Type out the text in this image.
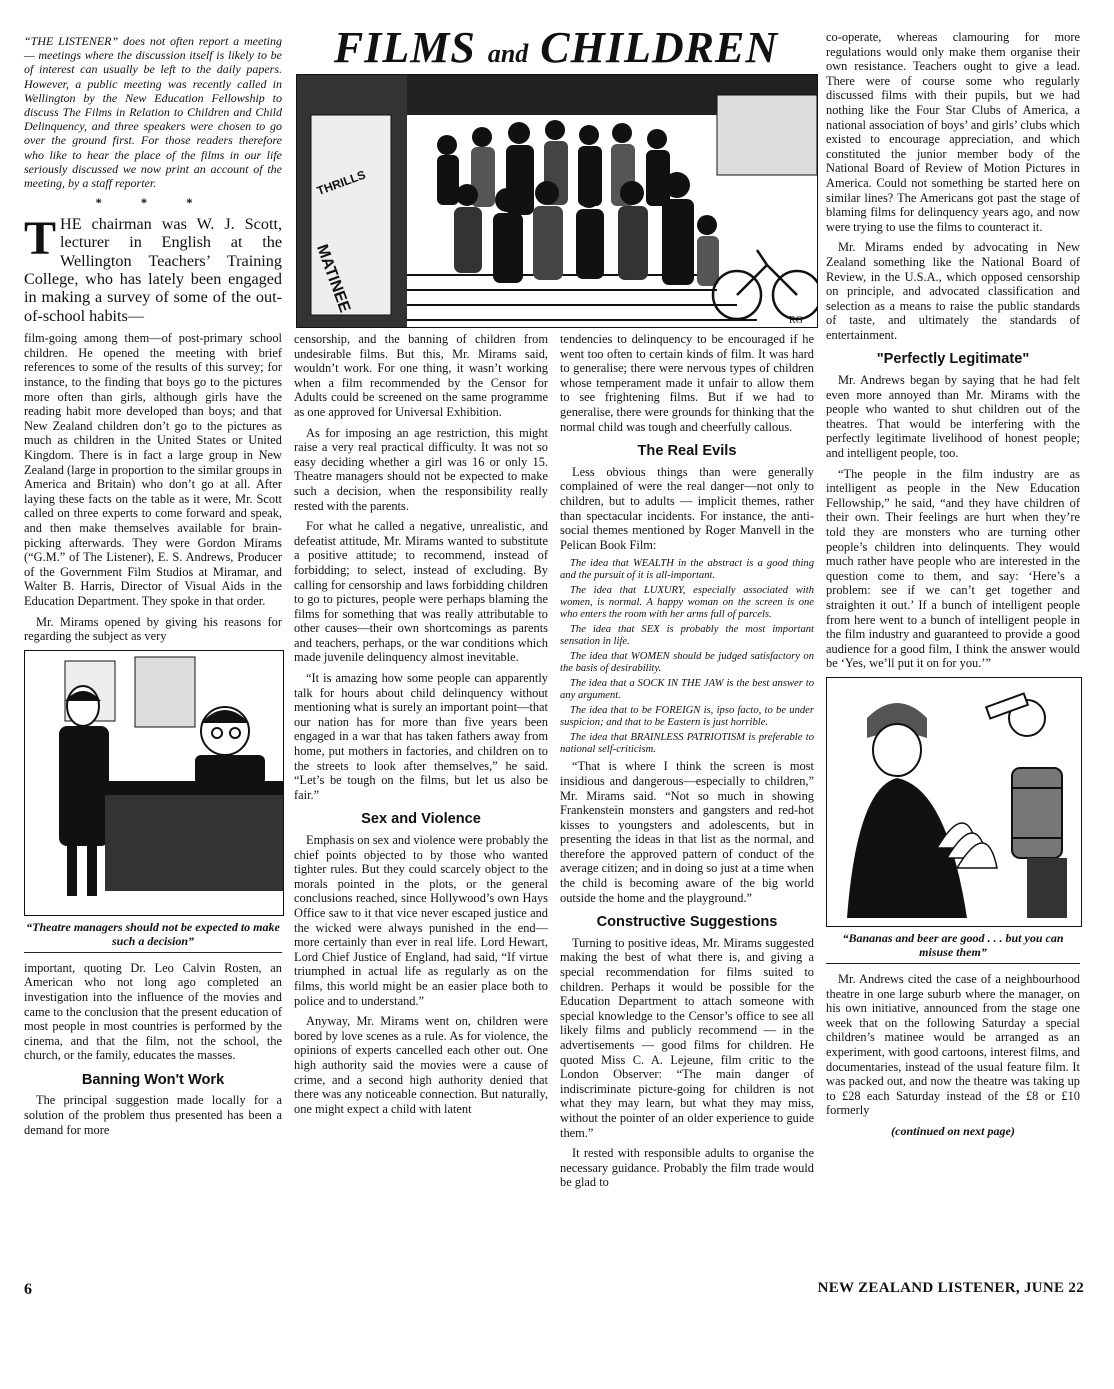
FILMS and CHILDREN
THRILLS
MATINEE
RG

“THE LISTENER” does not often report a meeting — meetings where the discussion itself is likely to be of interest can usually be left to the daily papers. However, a public meeting was recently called in Wellington by the New Education Fellowship to discuss The Films in Relation to Children and Child Delinquency, and three speakers were chosen to go over the ground first. For those readers therefore who like to hear the place of the films in our life seriously discussed we now print an account of the meeting, by a staff reporter.

* * *

THE chairman was W. J. Scott, lecturer in English at the Wellington Teachers’ Training College, who has lately been engaged in making a survey of some of the out-of-school habits—

film-going among them—of post-primary school children. He opened the meeting with brief references to some of the results of this survey; for instance, to the finding that boys go to the pictures more often than girls, although girls have the reading habit more developed than boys; and that New Zealand children don’t go to the pictures as much as children in the United States or United Kingdom. There is in fact a large group in New Zealand (large in proportion to the similar groups in America and Britain) who don’t go at all. After laying these facts on the table as it were, Mr. Scott called on three experts to come forward and speak, and then make themselves available for brain-picking afterwards. They were Gordon Mirams (“G.M.” of The Listener), E. S. Andrews, Producer of the Government Film Studios at Miramar, and Walter B. Harris, Director of Visual Aids in the Education Department. They spoke in that order.

Mr. Mirams opened by giving his reasons for regarding the subject as very

“Theatre managers should not be expected to make such a decision”

important, quoting Dr. Leo Calvin Rosten, an American who not long ago completed an investigation into the influence of the movies and came to the conclusion that the present education of most people in most countries is performed by the cinema, and that the film, not the school, the church, or the family, educates the masses.

Banning Won't Work

The principal suggestion made locally for a solution of the problem thus presented has been a demand for more

censorship, and the banning of children from undesirable films. But this, Mr. Mirams said, wouldn’t work. For one thing, it wasn’t working when a film recommended by the Censor for Adults could be screened on the same programme as one approved for Universal Exhibition.

As for imposing an age restriction, this might raise a very real practical difficulty. It was not so easy deciding whether a girl was 16 or only 15. Theatre managers should not be expected to make such a decision, when the responsibility really rested with the parents.

For what he called a negative, unrealistic, and defeatist attitude, Mr. Mirams wanted to substitute a positive attitude; to recommend, instead of forbidding; to select, instead of excluding. By calling for censorship and laws forbidding children to go to pictures, people were perhaps blaming the films for something that was really attributable to other causes—their own shortcomings as parents and teachers, perhaps, or the war conditions which made juvenile delinquency almost inevitable.

“It is amazing how some people can apparently talk for hours about child delinquency without mentioning what is surely an important point—that our nation has for more than five years been engaged in a war that has taken fathers away from home, put mothers in factories, and children on to the streets to look after themselves,” he said. “Let’s be tough on the films, but let us also be fair.”

Sex and Violence

Emphasis on sex and violence were probably the chief points objected to by those who wanted tighter rules. But they could scarcely object to the morals pointed in the plots, or the general conclusions reached, since Hollywood’s own Hays Office saw to it that vice never escaped justice and the wicked were always punished in the end—more certainly than ever in real life. Lord Hewart, Lord Chief Justice of England, had said, “If virtue triumphed in actual life as regularly as on the films, this world might be an easier place both to police and to understand.”

Anyway, Mr. Mirams went on, children were bored by love scenes as a rule. As for violence, the opinions of experts cancelled each other out. One high authority said the movies were a cause of crime, and a second high authority denied that there was any noticeable connection. But naturally, one might expect a child with latent

tendencies to delinquency to be encouraged if he went too often to certain kinds of film. It was hard to generalise; there were nervous types of children whose temperament made it unfair to allow them to see frightening films. But if we had to generalise, there were grounds for thinking that the normal child was tough and cheerfully callous.

The Real Evils

Less obvious things than were generally complained of were the real danger—not only to children, but to adults — implicit themes, rather than spectacular incidents. For instance, the anti-social themes mentioned by Roger Manvell in the Pelican Book Film:

The idea that WEALTH in the abstract is a good thing and the pursuit of it is all-important.

The idea that LUXURY, especially associated with women, is normal. A happy woman on the screen is one who enters the room with her arms full of parcels.

The idea that SEX is probably the most important sensation in life.

The idea that WOMEN should be judged satisfactory on the basis of desirability.

The idea that a SOCK IN THE JAW is the best answer to any argument.

The idea that to be FOREIGN is, ipso facto, to be under suspicion; and that to be Eastern is just horrible.

The idea that BRAINLESS PATRIOTISM is preferable to national self-criticism.

“That is where I think the screen is most insidious and dangerous—especially to children,” Mr. Mirams said. “Not so much in showing Frankenstein monsters and gangsters and red-hot kisses to youngsters and adolescents, but in presenting the ideas in that list as the normal, and therefore the approved pattern of conduct of the average citizen; and in doing so just at a time when the child is becoming aware of the big world outside the home and the playground.”

Constructive Suggestions

Turning to positive ideas, Mr. Mirams suggested making the best of what there is, and giving a special recommendation for films suited to children. Perhaps it would be possible for the Education Department to attach someone with special knowledge to the Censor’s office to see all likely films and publicly recommend — in the advertisements — good films for children. He quoted Miss C. A. Lejeune, film critic to the London Observer: “The main danger of indiscriminate picture-going for children is not what they may learn, but what they may miss, without the pointer of an older experience to guide them.”

It rested with responsible adults to organise the necessary guidance. Probably the film trade would be glad to

co-operate, whereas clamouring for more regulations would only make them organise their own resistance. Teachers ought to give a lead. There were of course some who regularly discussed films with their pupils, but we had nothing like the Four Star Clubs of America, a national association of boys’ and girls’ clubs which existed to encourage appreciation, and which constituted the junior member body of the National Board of Review of Motion Pictures in America. Could not something be started here on similar lines? The Americans got past the stage of blaming films for delinquency years ago, and now were trying to use the films to counteract it.

Mr. Mirams ended by advocating in New Zealand something like the National Board of Review, in the U.S.A., which opposed censorship on principle, and advocated classification and selection as a means to raise the public standards of taste, and ultimately the standards of entertainment.

"Perfectly Legitimate"

Mr. Andrews began by saying that he had felt even more annoyed than Mr. Mirams with the people who wanted to shut children out of the theatres. That would be interfering with the perfectly legitimate livelihood of honest people; and intelligent people, too.

“The people in the film industry are as intelligent as people in the New Education Fellowship,” he said, “and they have children of their own. Their feelings are hurt when they’re told they are monsters who are turning other people’s children into delinquents. They would much rather have people who are interested in the question come to them, and say: ‘Here’s a problem: see if we can’t get together and straighten it out.’ If a bunch of intelligent people from here went to a bunch of intelligent people in the film industry and guaranteed to provide a good audience for a good film, I think the answer would be ‘Yes, we’ll put it on for you.’”

“Bananas and beer are good . . . but you can misuse them”

Mr. Andrews cited the case of a neighbourhood theatre in one large suburb where the manager, on his own initiative, announced from the stage one week that on the following Saturday a special children’s matinee would be arranged as an experiment, with good cartoons, interest films, and documentaries, instead of the usual feature film. It was packed out, and now the theatre was taking up to £28 each Saturday instead of the £8 or £10 formerly

(continued on next page)
6	NEW ZEALAND LISTENER, JUNE 22
